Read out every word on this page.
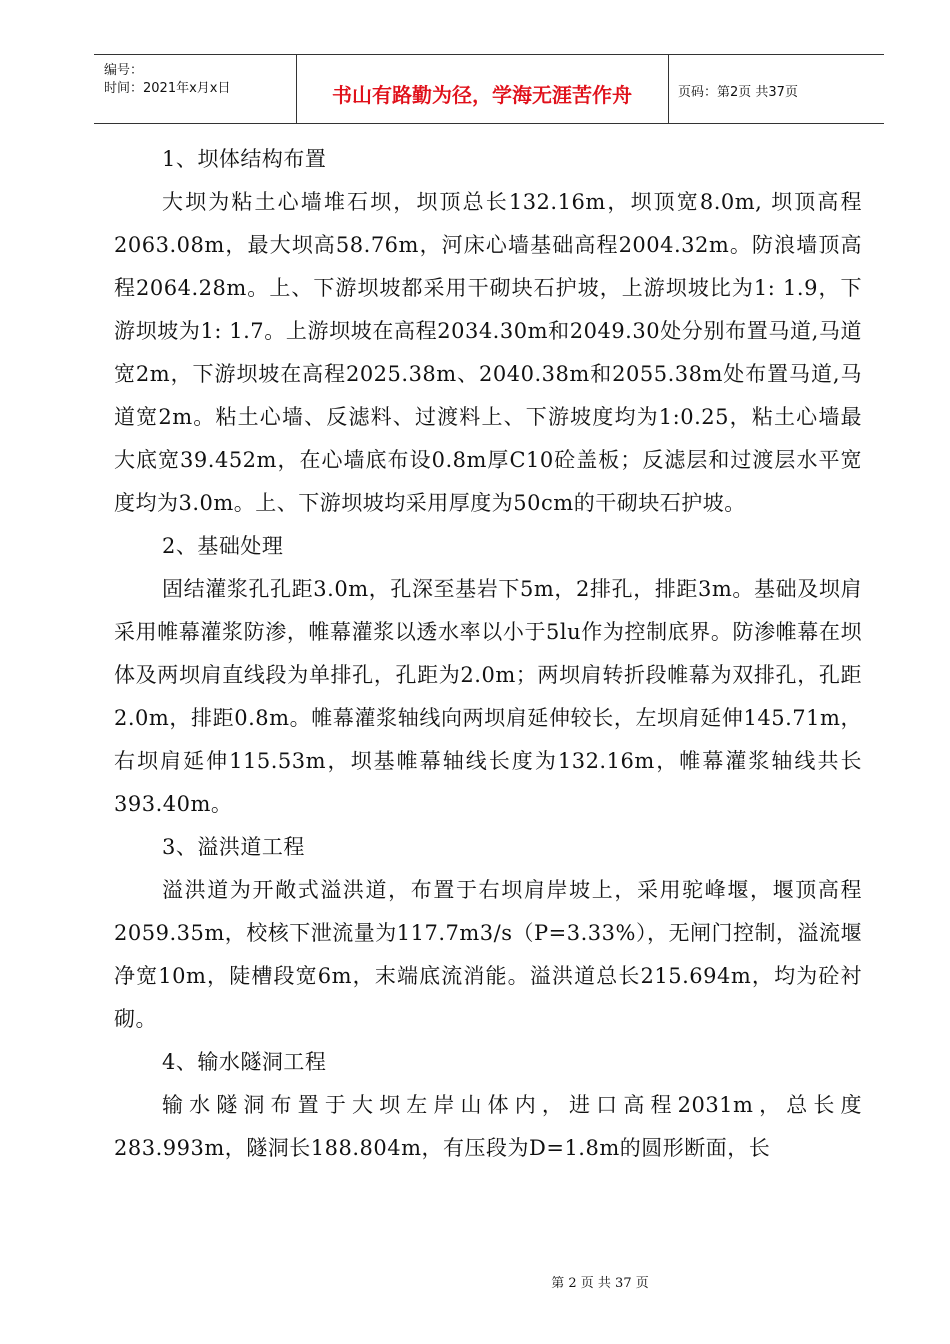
编号：
时间：2021年x月x日	书山有路勤为径，学海无涯苦作舟	页码：第2页 共37页

1、坝体结构布置

大坝为粘土心墙堆石坝，坝顶总长132.16m，坝顶宽8.0m, 坝顶高程2063.08m，最大坝高58.76m，河床心墙基础高程2004.32m。防浪墙顶高程2064.28m。上、下游坝坡都采用干砌块石护坡，上游坝坡比为1: 1.9，下游坝坡为1: 1.7。上游坝坡在高程2034.30m和2049.30处分别布置马道,马道宽2m，下游坝坡在高程2025.38m、2040.38m和2055.38m处布置马道,马道宽2m。粘土心墙、反滤料、过渡料上、下游坡度均为1:0.25，粘土心墙最大底宽39.452m，在心墙底布设0.8m厚C10砼盖板；反滤层和过渡层水平宽度均为3.0m。上、下游坝坡均采用厚度为50cm的干砌块石护坡。

2、基础处理

固结灌浆孔孔距3.0m，孔深至基岩下5m，2排孔，排距3m。基础及坝肩采用帷幕灌浆防渗，帷幕灌浆以透水率以小于5lu作为控制底界。防渗帷幕在坝体及两坝肩直线段为单排孔，孔距为2.0m；两坝肩转折段帷幕为双排孔，孔距2.0m，排距0.8m。帷幕灌浆轴线向两坝肩延伸较长，左坝肩延伸145.71m，右坝肩延伸115.53m，坝基帷幕轴线长度为132.16m，帷幕灌浆轴线共长393.40m。

3、溢洪道工程

溢洪道为开敞式溢洪道，布置于右坝肩岸坡上，采用驼峰堰，堰顶高程2059.35m，校核下泄流量为117.7m3/s（P=3.33%），无闸门控制，溢流堰净宽10m，陡槽段宽6m，末端底流消能。溢洪道总长215.694m，均为砼衬砌。

4、输水隧洞工程

输水隧洞布置于大坝左岸山体内，进口高程2031m，总长度283.993m，隧洞长188.804m，有压段为D=1.8m的圆形断面，长

第 2 页 共 37 页
